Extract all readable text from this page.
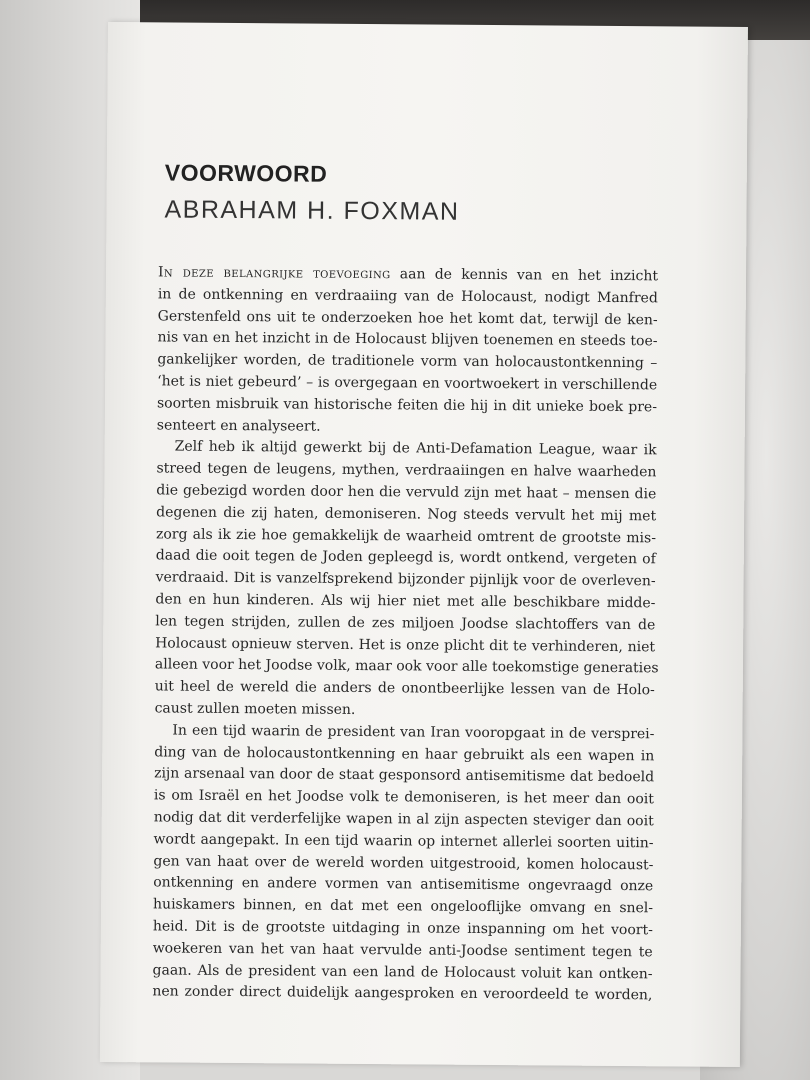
VOORWOORD
ABRAHAM H. FOXMAN
In deze belangrijke toevoeging aan de kennis van en het inzicht
in de ontkenning en verdraaiing van de Holocaust, nodigt Manfred
Gerstenfeld ons uit te onderzoeken hoe het komt dat, terwijl de ken-
nis van en het inzicht in de Holocaust blijven toenemen en steeds toe-
gankelijker worden, de traditionele vorm van holocaustontkenning –
‘het is niet gebeurd’ – is overgegaan en voortwoekert in verschillende
soorten misbruik van historische feiten die hij in dit unieke boek pre-
senteert en analyseert.
Zelf heb ik altijd gewerkt bij de Anti-Defamation League, waar ik
streed tegen de leugens, mythen, verdraaiingen en halve waarheden
die gebezigd worden door hen die vervuld zijn met haat – mensen die
degenen die zij haten, demoniseren. Nog steeds vervult het mij met
zorg als ik zie hoe gemakkelijk de waarheid omtrent de grootste mis-
daad die ooit tegen de Joden gepleegd is, wordt ontkend, vergeten of
verdraaid. Dit is vanzelfsprekend bijzonder pijnlijk voor de overleven-
den en hun kinderen. Als wij hier niet met alle beschikbare midde-
len tegen strijden, zullen de zes miljoen Joodse slachtoffers van de
Holocaust opnieuw sterven. Het is onze plicht dit te verhinderen, niet
alleen voor het Joodse volk, maar ook voor alle toekomstige generaties
uit heel de wereld die anders de onontbeerlijke lessen van de Holo-
caust zullen moeten missen.
In een tijd waarin de president van Iran vooropgaat in de versprei-
ding van de holocaustontkenning en haar gebruikt als een wapen in
zijn arsenaal van door de staat gesponsord antisemitisme dat bedoeld
is om Israël en het Joodse volk te demoniseren, is het meer dan ooit
nodig dat dit verderfelijke wapen in al zijn aspecten steviger dan ooit
wordt aangepakt. In een tijd waarin op internet allerlei soorten uitin-
gen van haat over de wereld worden uitgestrooid, komen holocaust-
ontkenning en andere vormen van antisemitisme ongevraagd onze
huiskamers binnen, en dat met een ongelooflijke omvang en snel-
heid. Dit is de grootste uitdaging in onze inspanning om het voort-
woekeren van het van haat vervulde anti-Joodse sentiment tegen te
gaan. Als de president van een land de Holocaust voluit kan ontken-
nen zonder direct duidelijk aangesproken en veroordeeld te worden,
